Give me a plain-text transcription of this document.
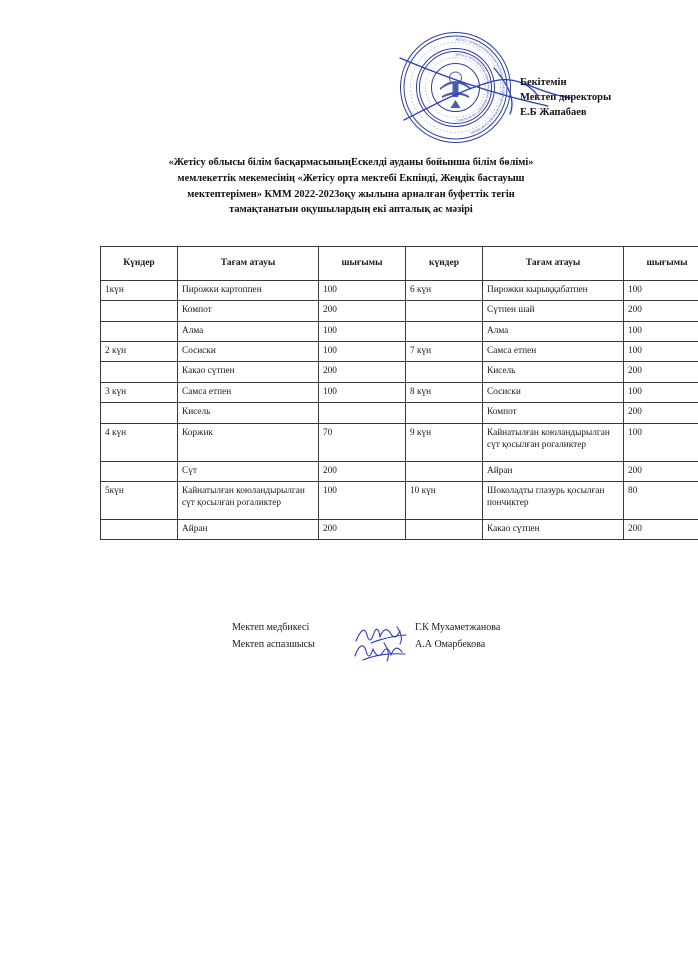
ЖЕТІСУ ОБЛЫСЫ БІЛІМ БАСҚАРМАСЫНЫҢ ЕСКЕЛДІ АУДАНЫ БОЙЫНША БІЛІМ БӨЛІМІ
ЖЕТІСУ ОРТА МЕКТЕБІ КОММУНАЛДЫҚ МЕМЛЕКЕТТІК МЕКЕМЕСІ
Бекітемін
Мектеп директоры
Е.Б Жапабаев
«Жетісу облысы білім басқармасыныңЕскелді ауданы бойынша білім бөлімі»
мемлекеттік мекемесінің «Жетісу орта мектебі Екпінді, Жеңдік бастауыш
мектептерімен» КММ 2022-2023оқу жылына арналған буфеттік тегін
тамақтанатын оқушылардың екі апталық ас мәзірі
Күндер	Тағам атауы	шығымы	күндер	Тағам атауы	шығымы
1күн	Пирожки картоппен	100	6 күн	Пирожки кырыққабатпен	100
	Компот	200		Сүтпен шай	200
	Алма	100		Алма	100
2 күн	Сосиски	100	7 күн	Самса етпен	100
	Какао сүтпен	200		Кисель	200
3 күн	Самса етпен	100	8 күн	Сосиски	100
	Кисель			Компот	200
4 күн	Коржик	70	9 күн	Кайнатылған коюландырылган сүт қосылған рогаликтер	100
	Сүт	200		Айран	200
5күн	Кайнатылған коюландырылган сүт қосылған рогаликтер	100	10 күн	Шоколадты глазурь қосылған пончиктер	80
	Айран	200		Какао сүтпен	200
Мектеп медбикесі	Г.К Мухаметжанова
Мектеп аспазшысы	А.А Омарбекова
